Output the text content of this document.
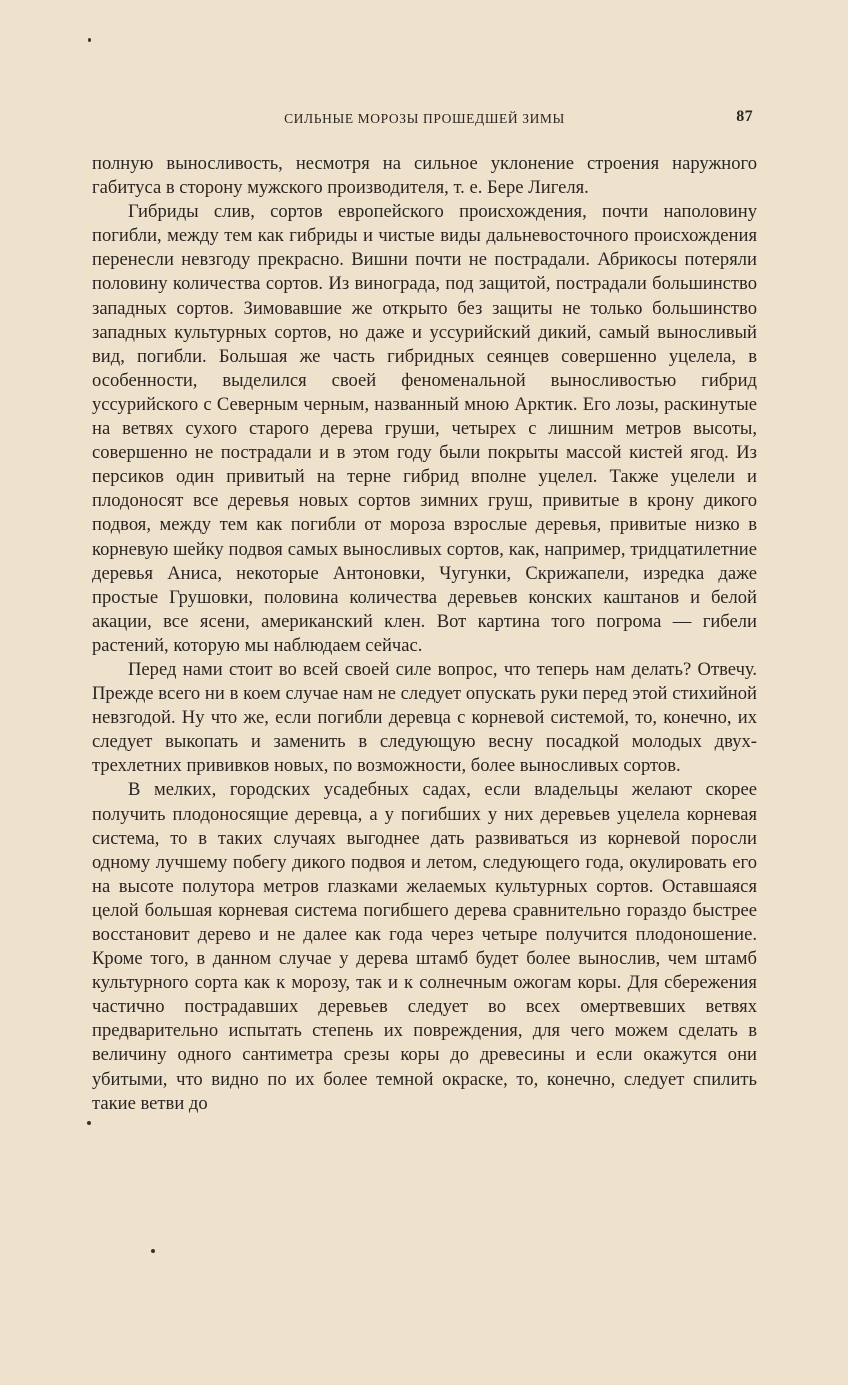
СИЛЬНЫЕ МОРОЗЫ ПРОШЕДШЕЙ ЗИМЫ	87

полную выносливость, несмотря на сильное уклонение строения наружного габитуса в сторону мужского производителя, т. е. Бере Лигеля.

Гибриды слив, сортов европейского происхождения, почти наполовину погибли, между тем как гибриды и чистые виды дальневосточного происхождения перенесли невзгоду прекрасно. Вишни почти не пострадали. Абрикосы потеряли половину количества сортов. Из винограда, под защитой, пострадали большинство западных сортов. Зимовавшие же открыто без защиты не только большинство западных культурных сортов, но даже и уссурийский дикий, самый выносливый вид, погибли. Большая же часть гибридных сеянцев совершенно уцелела, в особенности, выделился своей феноменальной выносливостью гибрид уссурийского с Северным черным, названный мною Арктик. Его лозы, раскинутые на ветвях сухого старого дерева груши, четырех с лишним метров высоты, совершенно не пострадали и в этом году были покрыты массой кистей ягод. Из персиков один привитый на терне гибрид вполне уцелел. Также уцелели и плодоносят все деревья новых сортов зимних груш, привитые в крону дикого подвоя, между тем как погибли от мороза взрослые деревья, привитые низко в корневую шейку подвоя самых выносливых сортов, как, например, тридцатилетние деревья Аниса, некоторые Антоновки, Чугунки, Скрижапели, изредка даже простые Грушовки, половина количества деревьев конских каштанов и белой акации, все ясени, американский клен. Вот картина того погрома — гибели растений, которую мы наблюдаем сейчас.

Перед нами стоит во всей своей силе вопрос, что теперь нам делать? Отвечу. Прежде всего ни в коем случае нам не следует опускать руки перед этой стихийной невзгодой. Ну что же, если погибли деревца с корневой системой, то, конечно, их следует выкопать и заменить в следующую весну посадкой молодых двух-трехлетних прививков новых, по возможности, более выносливых сортов.

В мелких, городских усадебных садах, если владельцы желают скорее получить плодоносящие деревца, а у погибших у них деревьев уцелела корневая система, то в таких случаях выгоднее дать развиваться из корневой поросли одному лучшему побегу дикого подвоя и летом, следующего года, окулировать его на высоте полутора метров глазками желаемых культурных сортов. Оставшаяся целой большая корневая система погибшего дерева сравнительно гораздо быстрее восстановит дерево и не далее как года через четыре получится плодоношение. Кроме того, в данном случае у дерева штамб будет более вынослив, чем штамб культурного сорта как к морозу, так и к солнечным ожогам коры. Для сбережения частично пострадавших деревьев следует во всех омертвевших ветвях предварительно испытать степень их повреждения, для чего можем сделать в величину одного сантиметра срезы коры до древесины и если окажутся они убитыми, что видно по их более темной окраске, то, конечно, следует спилить такие ветви до
